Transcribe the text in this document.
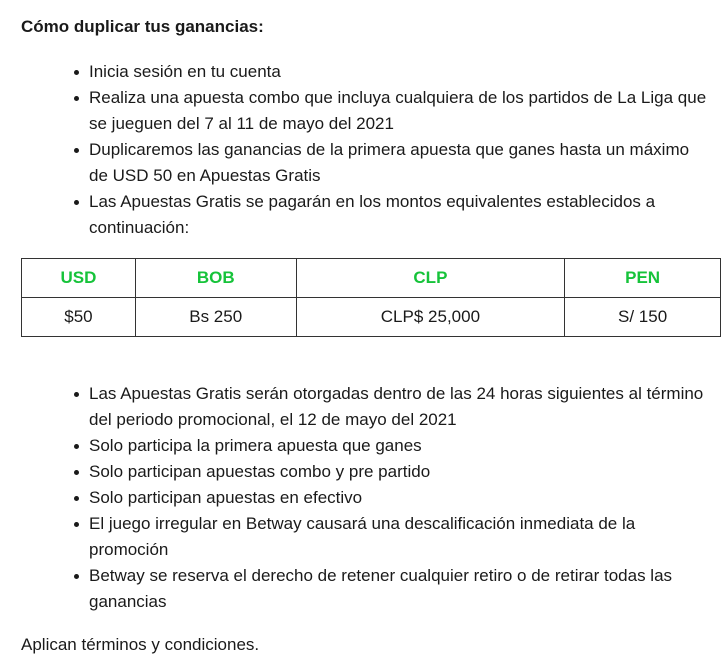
Cómo duplicar tus ganancias:

Inicia sesión en tu cuenta
Realiza una apuesta combo que incluya cualquiera de los partidos de La Liga que se jueguen del 7 al 11 de mayo del 2021
Duplicaremos las ganancias de la primera apuesta que ganes hasta un máximo de USD 50 en Apuestas Gratis
Las Apuestas Gratis se pagarán en los montos equivalentes establecidos a continuación:
USD	BOB	CLP	PEN
$50	Bs 250	CLP$ 25,000	S/ 150
Las Apuestas Gratis serán otorgadas dentro de las 24 horas siguientes al término del periodo promocional, el 12 de mayo del 2021
Solo participa la primera apuesta que ganes
Solo participan apuestas combo y pre partido
Solo participan apuestas en efectivo
El juego irregular en Betway causará una descalificación inmediata de la promoción
Betway se reserva el derecho de retener cualquier retiro o de retirar todas las ganancias

Aplican términos y condiciones.
